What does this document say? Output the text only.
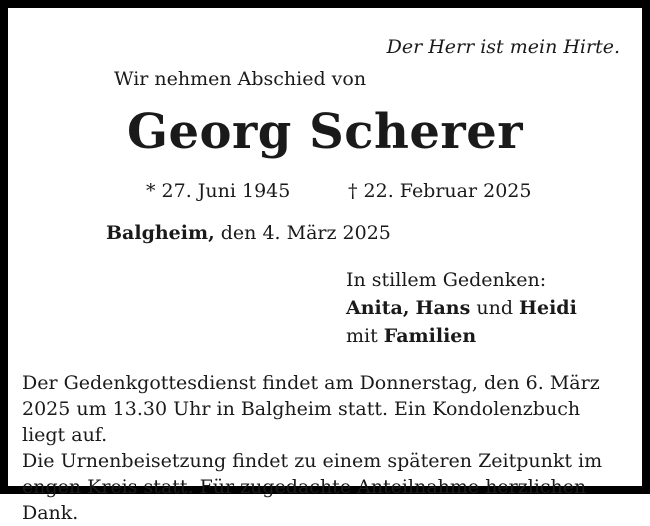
Der Herr ist mein Hirte.
Wir nehmen Abschied von
Georg Scherer
* 27. Juni 1945	† 22. Februar 2025
Balgheim, den 4. März 2025
In stillem Gedenken:
Anita, Hans und Heidi
mit Familien

Der Gedenkgottesdienst findet am Donnerstag, den 6. März 2025 um 13.30 Uhr in Balgheim statt. Ein Kondolenzbuch liegt auf.

Die Urnenbeisetzung findet zu einem späteren Zeitpunkt im engen Kreis statt. Für zugedachte Anteilnahme herzlichen Dank.
